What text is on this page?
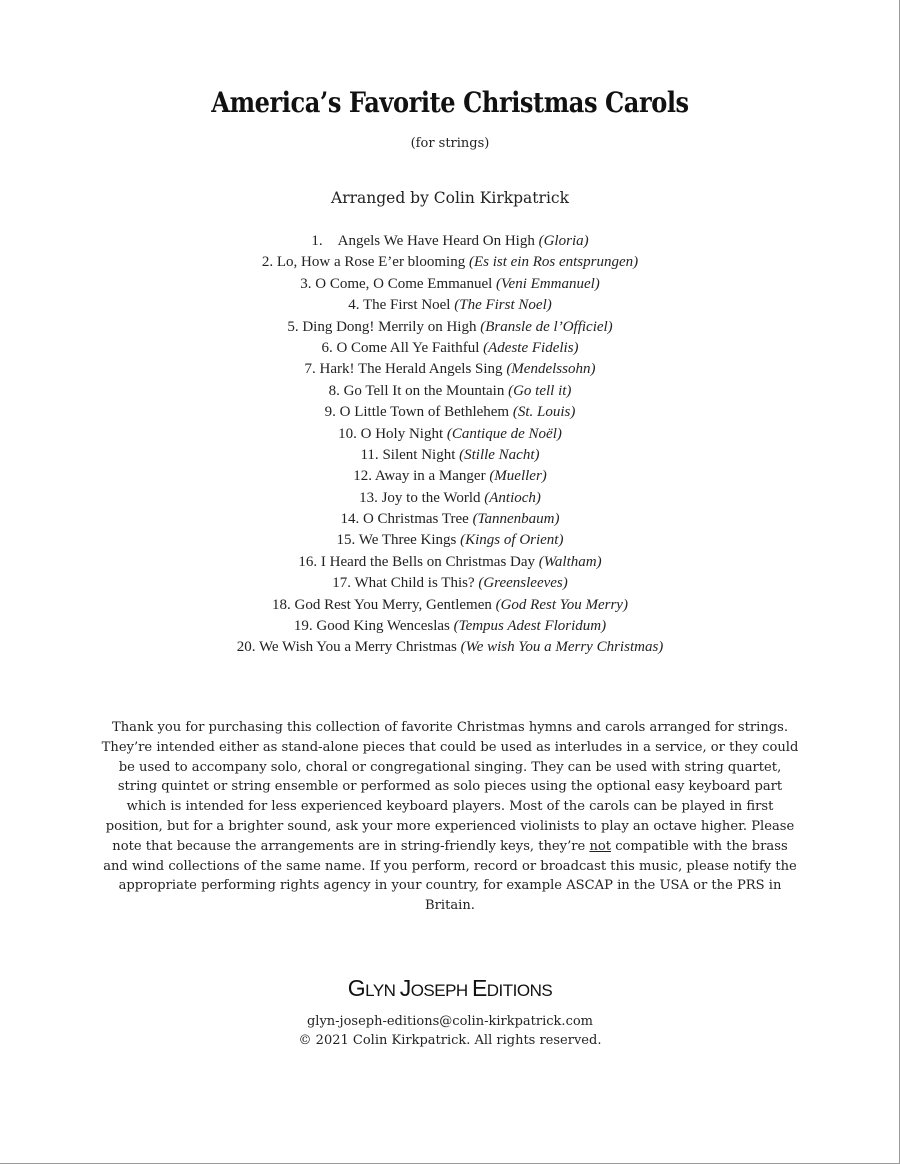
America’s Favorite Christmas Carols
(for strings)
Arranged by Colin Kirkpatrick
1. Angels We Have Heard On High (Gloria)
2. Lo, How a Rose E’er blooming (Es ist ein Ros entsprungen)
3. O Come, O Come Emmanuel (Veni Emmanuel)
4. The First Noel (The First Noel)
5. Ding Dong! Merrily on High (Bransle de l’Officiel)
6. O Come All Ye Faithful (Adeste Fidelis)
7. Hark! The Herald Angels Sing (Mendelssohn)
8. Go Tell It on the Mountain (Go tell it)
9. O Little Town of Bethlehem (St. Louis)
10. O Holy Night (Cantique de Noël)
11. Silent Night (Stille Nacht)
12. Away in a Manger (Mueller)
13. Joy to the World (Antioch)
14. O Christmas Tree (Tannenbaum)
15. We Three Kings (Kings of Orient)
16. I Heard the Bells on Christmas Day (Waltham)
17. What Child is This? (Greensleeves)
18. God Rest You Merry, Gentlemen (God Rest You Merry)
19. Good King Wenceslas (Tempus Adest Floridum)
20. We Wish You a Merry Christmas (We wish You a Merry Christmas)

Thank you for purchasing this collection of favorite Christmas hymns and carols arranged for strings. They’re intended either as stand-alone pieces that could be used as interludes in a service, or they could be used to accompany solo, choral or congregational singing. They can be used with string quartet, string quintet or string ensemble or performed as solo pieces using the optional easy keyboard part which is intended for less experienced keyboard players. Most of the carols can be played in first position, but for a brighter sound, ask your more experienced violinists to play an octave higher. Please note that because the arrangements are in string-friendly keys, they’re not compatible with the brass and wind collections of the same name. If you perform, record or broadcast this music, please notify the appropriate performing rights agency in your country, for example ASCAP in the USA or the PRS in Britain.

GLYN JOSEPH EDITIONS
glyn-joseph-editions@colin-kirkpatrick.com
© 2021 Colin Kirkpatrick. All rights reserved.
